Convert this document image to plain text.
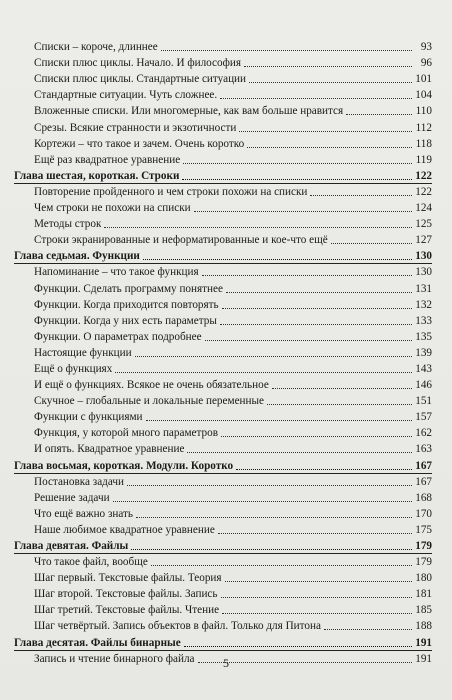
Списки – короче, длиннее	93
Списки плюс циклы. Начало. И философия	96
Списки плюс циклы. Стандартные ситуации	101
Стандартные ситуации. Чуть сложнее.	104
Вложенные списки. Или многомерные, как вам больше нравится	110
Срезы. Всякие странности и экзотичности	112
Кортежи – что такое и зачем. Очень коротко	118
Ещё раз квадратное уравнение	119
Глава шестая, короткая. Строки	122
Повторение пройденного и чем строки похожи на списки	122
Чем строки не похожи на списки	124
Методы строк	125
Строки экранированные и неформатированные и кое-что ещё	127
Глава седьмая. Функции	130
Напоминание – что такое функция	130
Функции. Сделать программу понятнее	131
Функции. Когда приходится повторять	132
Функции. Когда у них есть параметры	133
Функции. О параметрах подробнее	135
Настоящие функции	139
Ещё о функциях	143
И ещё о функциях. Всякое не очень обязательное	146
Скучное – глобальные и локальные переменные	151
Функции с функциями	157
Функция, у которой много параметров	162
И опять. Квадратное уравнение	163
Глава восьмая, короткая. Модули. Коротко	167
Постановка задачи	167
Решение задачи	168
Что ещё важно знать	170
Наше любимое квадратное уравнение	175
Глава девятая. Файлы	179
Что такое файл, вообще	179
Шаг первый. Текстовые файлы. Теория	180
Шаг второй. Текстовые файлы. Запись	181
Шаг третий. Текстовые файлы. Чтение	185
Шаг четвёртый. Запись объектов в файл. Только для Питона	188
Глава десятая. Файлы бинарные	191
Запись и чтение бинарного файла	191
5
